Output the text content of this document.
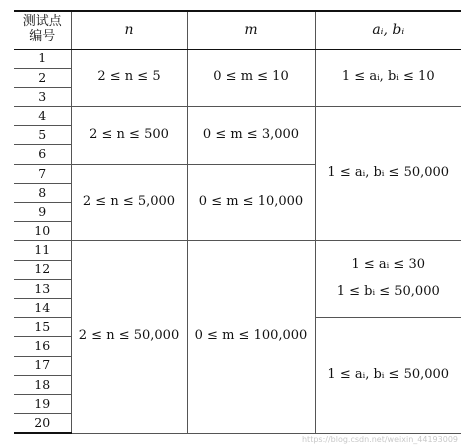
测试点
编号	n	m	aᵢ, bᵢ
1	2 ≤ n ≤ 5	0 ≤ m ≤ 10	1 ≤ aᵢ, bᵢ ≤ 10
2			
3			
4	2 ≤ n ≤ 500	0 ≤ m ≤ 3,000	1 ≤ aᵢ, bᵢ ≤ 50,000
5			
6			
7	2 ≤ n ≤ 5,000	0 ≤ m ≤ 10,000	
8			
9			
10			
11	2 ≤ n ≤ 50,000	0 ≤ m ≤ 100,000	1 ≤ aᵢ ≤ 30
1 ≤ bᵢ ≤ 50,000

12			
13			
14			
15			1 ≤ aᵢ, bᵢ ≤ 50,000
16			
17			
18			
19			
20			
https://blog.csdn.net/weixin_44193009
